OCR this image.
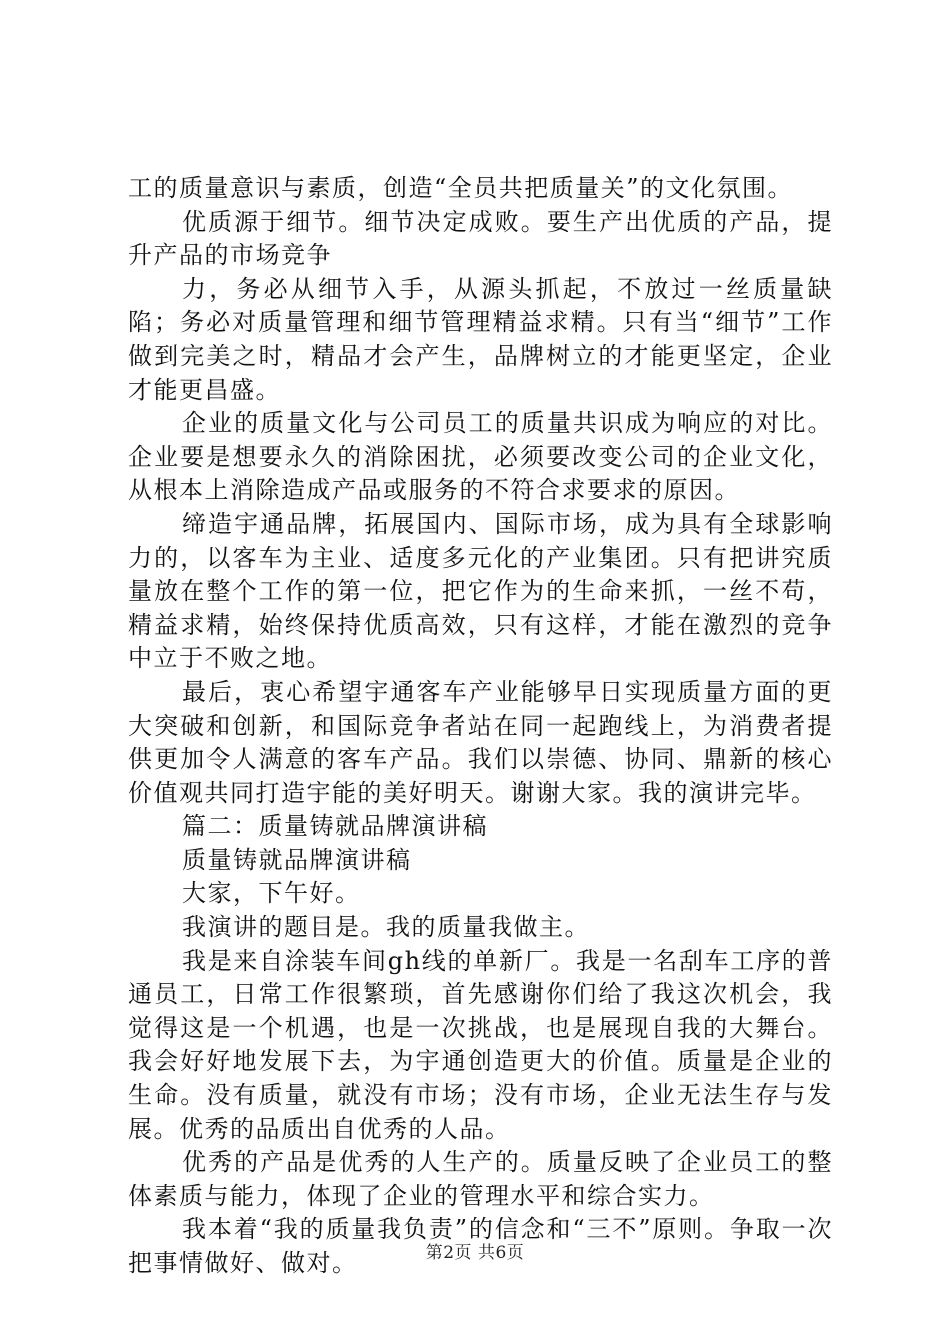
工的质量意识与素质，创造“全员共把质量关”的文化氛围。

优质源于细节。细节决定成败。要生产出优质的产品，提升产品的市场竞争

力，务必从细节入手，从源头抓起，不放过一丝质量缺陷；务必对质量管理和细节管理精益求精。只有当“细节”工作做到完美之时，精品才会产生，品牌树立的才能更坚定，企业才能更昌盛。

企业的质量文化与公司员工的质量共识成为响应的对比。企业要是想要永久的消除困扰，必须要改变公司的企业文化，从根本上消除造成产品或服务的不符合求要求的原因。

缔造宇通品牌，拓展国内、国际市场，成为具有全球影响力的，以客车为主业、适度多元化的产业集团。只有把讲究质量放在整个工作的第一位，把它作为的生命来抓，一丝不苟，精益求精，始终保持优质高效，只有这样，才能在激烈的竞争中立于不败之地。

最后，衷心希望宇通客车产业能够早日实现质量方面的更大突破和创新，和国际竞争者站在同一起跑线上，为消费者提供更加令人满意的客车产品。我们以崇德、协同、鼎新的核心价值观共同打造宇能的美好明天。谢谢大家。我的演讲完毕。

篇二：质量铸就品牌演讲稿

质量铸就品牌演讲稿

大家，下午好。

我演讲的题目是。我的质量我做主。

我是来自涂装车间gh线的单新厂。我是一名刮车工序的普通员工，日常工作很繁琐，首先感谢你们给了我这次机会，我觉得这是一个机遇，也是一次挑战，也是展现自我的大舞台。我会好好地发展下去，为宇通创造更大的价值。质量是企业的生命。没有质量，就没有市场；没有市场，企业无法生存与发展。优秀的品质出自优秀的人品。

优秀的产品是优秀的人生产的。质量反映了企业员工的整体素质与能力，体现了企业的管理水平和综合实力。

我本着“我的质量我负责”的信念和“三不”原则。争取一次把事情做好、做对。	第2页 共6页
